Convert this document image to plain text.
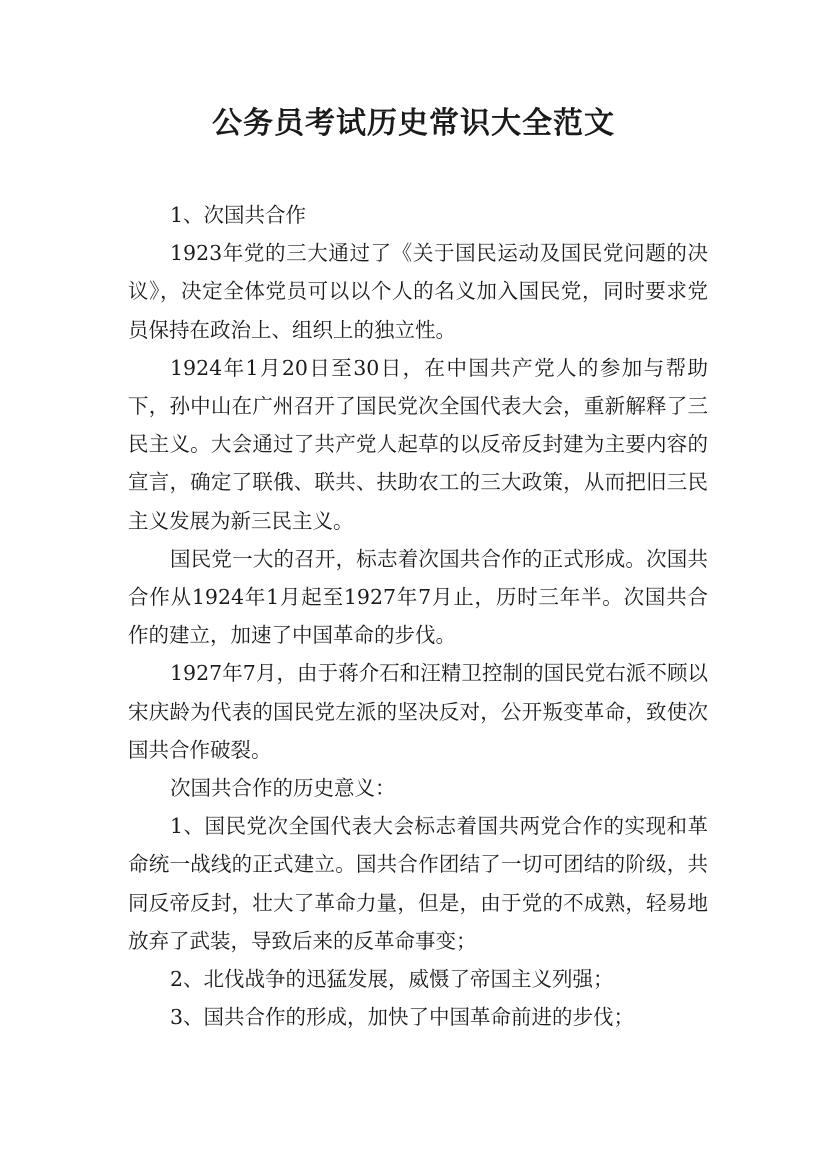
公务员考试历史常识大全范文

1、次国共合作

1923年党的三大通过了《关于国民运动及国民党问题的决议》，决定全体党员可以以个人的名义加入国民党，同时要求党员保持在政治上、组织上的独立性。

1924年1月20日至30日，在中国共产党人的参加与帮助下，孙中山在广州召开了国民党次全国代表大会，重新解释了三民主义。大会通过了共产党人起草的以反帝反封建为主要内容的宣言，确定了联俄、联共、扶助农工的三大政策，从而把旧三民主义发展为新三民主义。

国民党一大的召开，标志着次国共合作的正式形成。次国共合作从1924年1月起至1927年7月止，历时三年半。次国共合作的建立，加速了中国革命的步伐。

1927年7月，由于蒋介石和汪精卫控制的国民党右派不顾以宋庆龄为代表的国民党左派的坚决反对，公开叛变革命，致使次国共合作破裂。

次国共合作的历史意义：

1、国民党次全国代表大会标志着国共两党合作的实现和革命统一战线的正式建立。国共合作团结了一切可团结的阶级，共同反帝反封，壮大了革命力量，但是，由于党的不成熟，轻易地放弃了武装，导致后来的反革命事变；

2、北伐战争的迅猛发展，威慑了帝国主义列强；

3、国共合作的形成，加快了中国革命前进的步伐；
